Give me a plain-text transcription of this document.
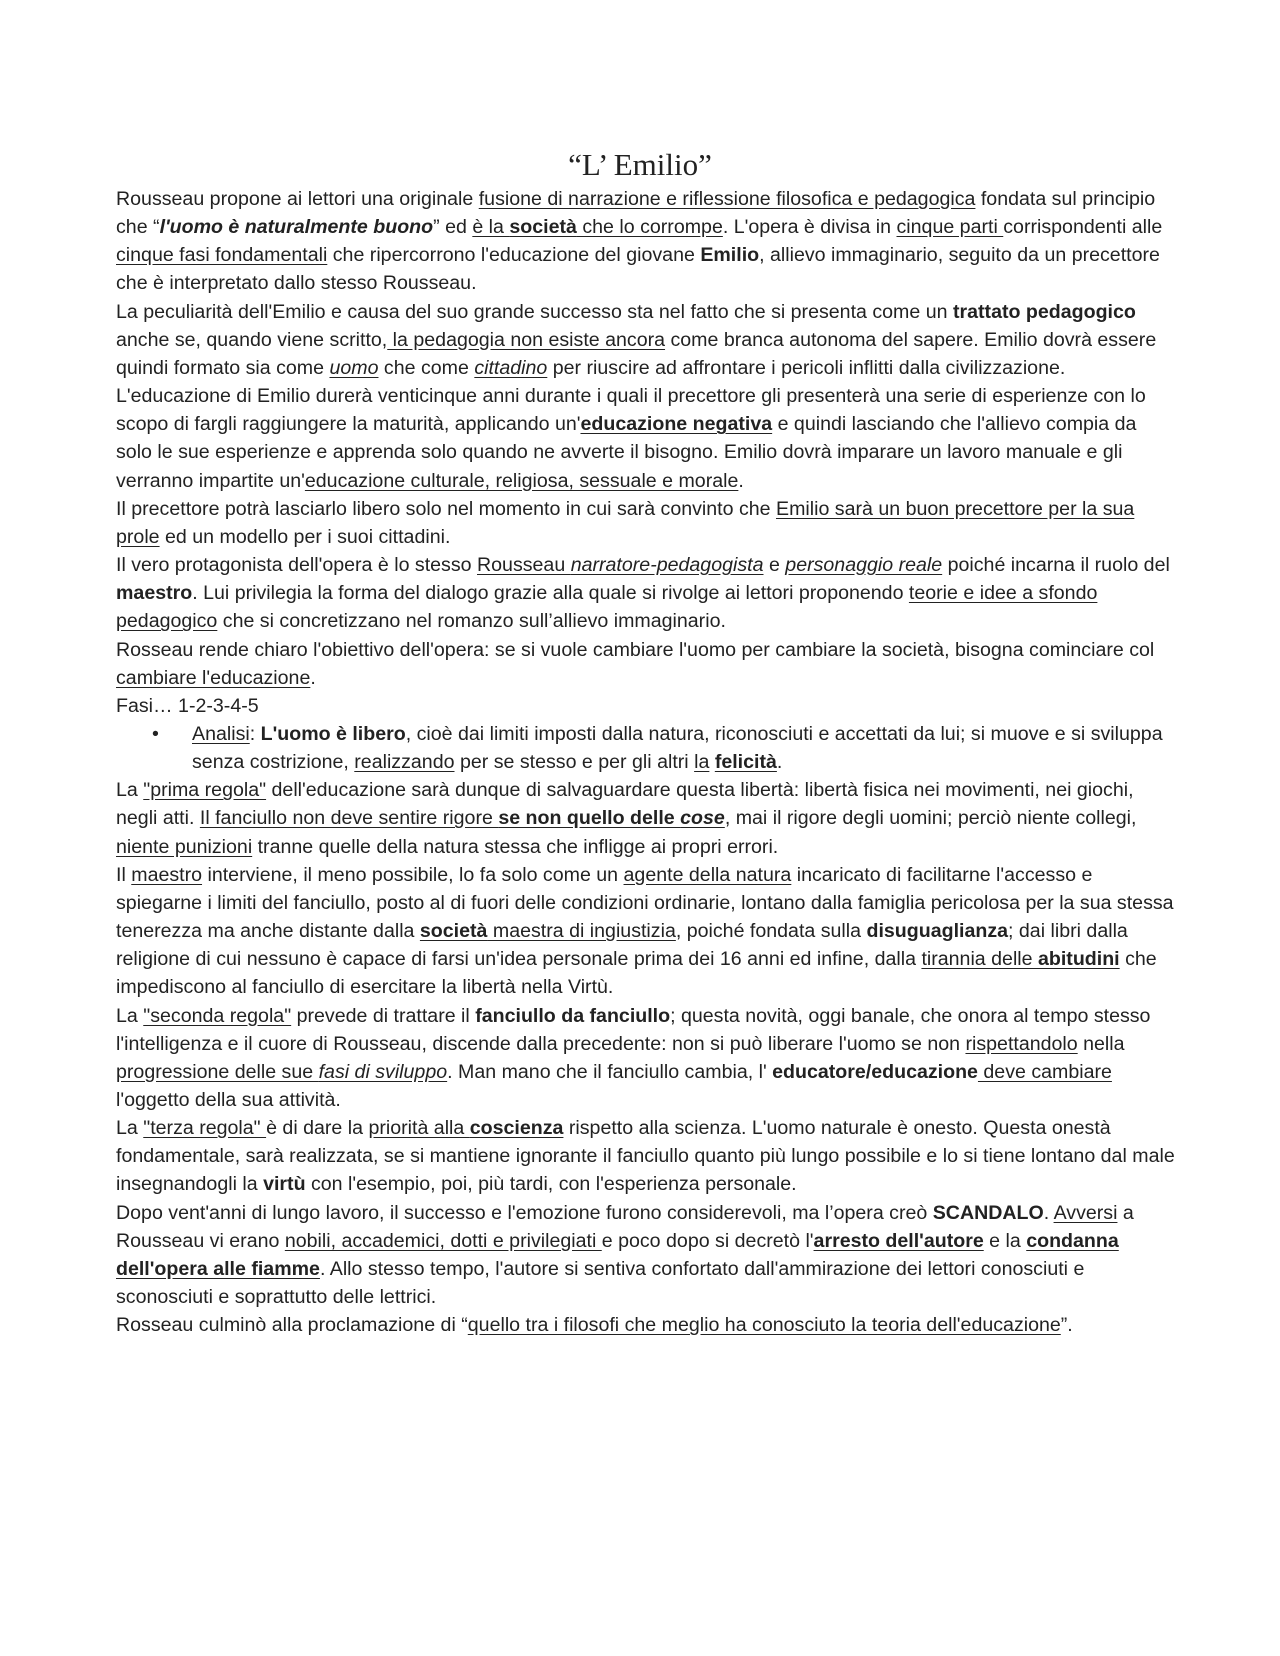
“L’ Emilio”

Rousseau propone ai lettori una originale fusione di narrazione e riflessione filosofica e pedagogica fondata sul principio che “l'uomo è naturalmente buono” ed è la società che lo corrompe. L'opera è divisa in cinque parti corrispondenti alle cinque fasi fondamentali che ripercorrono l'educazione del giovane Emilio, allievo immaginario, seguito da un precettore che è interpretato dallo stesso Rousseau.

La peculiarità dell'Emilio e causa del suo grande successo sta nel fatto che si presenta come un trattato pedagogico anche se, quando viene scritto, la pedagogia non esiste ancora come branca autonoma del sapere. Emilio dovrà essere quindi formato sia come uomo che come cittadino per riuscire ad affrontare i pericoli inflitti dalla civilizzazione. L'educazione di Emilio durerà venticinque anni durante i quali il precettore gli presenterà una serie di esperienze con lo scopo di fargli raggiungere la maturità, applicando un'educazione negativa e quindi lasciando che l'allievo compia da solo le sue esperienze e apprenda solo quando ne avverte il bisogno. Emilio dovrà imparare un lavoro manuale e gli verranno impartite un'educazione culturale, religiosa, sessuale e morale.

Il precettore potrà lasciarlo libero solo nel momento in cui sarà convinto che Emilio sarà un buon precettore per la sua prole ed un modello per i suoi cittadini.

Il vero protagonista dell'opera è lo stesso Rousseau narratore-pedagogista e personaggio reale poiché incarna il ruolo del maestro. Lui privilegia la forma del dialogo grazie alla quale si rivolge ai lettori proponendo teorie e idee a sfondo pedagogico che si concretizzano nel romanzo sull’allievo immaginario.

Rosseau rende chiaro l'obiettivo dell'opera: se si vuole cambiare l'uomo per cambiare la società, bisogna cominciare col cambiare l'educazione.

Fasi… 1-2-3-4-5

• Analisi: L'uomo è libero, cioè dai limiti imposti dalla natura, riconosciuti e accettati da lui; si muove e si sviluppa senza costrizione, realizzando per se stesso e per gli altri la felicità.

La "prima regola" dell'educazione sarà dunque di salvaguardare questa libertà: libertà fisica nei movimenti, nei giochi, negli atti. Il fanciullo non deve sentire rigore se non quello delle cose, mai il rigore degli uomini; perciò niente collegi, niente punizioni tranne quelle della natura stessa che infligge ai propri errori.

Il maestro interviene, il meno possibile, lo fa solo come un agente della natura incaricato di facilitarne l'accesso e spiegarne i limiti del fanciullo, posto al di fuori delle condizioni ordinarie, lontano dalla famiglia pericolosa per la sua stessa tenerezza ma anche distante dalla società maestra di ingiustizia, poiché fondata sulla disuguaglianza; dai libri dalla religione di cui nessuno è capace di farsi un'idea personale prima dei 16 anni ed infine, dalla tirannia delle abitudini che impediscono al fanciullo di esercitare la libertà nella Virtù.

La "seconda regola" prevede di trattare il fanciullo da fanciullo; questa novità, oggi banale, che onora al tempo stesso l'intelligenza e il cuore di Rousseau, discende dalla precedente: non si può liberare l'uomo se non rispettandolo nella progressione delle sue fasi di sviluppo. Man mano che il fanciullo cambia, l' educatore/educazione deve cambiare l'oggetto della sua attività.

La "terza regola" è di dare la priorità alla coscienza rispetto alla scienza. L'uomo naturale è onesto. Questa onestà fondamentale, sarà realizzata, se si mantiene ignorante il fanciullo quanto più lungo possibile e lo si tiene lontano dal male insegnandogli la virtù con l'esempio, poi, più tardi, con l'esperienza personale.

Dopo vent'anni di lungo lavoro, il successo e l'emozione furono considerevoli, ma l’opera creò SCANDALO. Avversi a Rousseau vi erano nobili, accademici, dotti e privilegiati e poco dopo si decretò l'arresto dell'autore e la condanna dell'opera alle fiamme. Allo stesso tempo, l'autore si sentiva confortato dall'ammirazione dei lettori conosciuti e sconosciuti e soprattutto delle lettrici.

Rosseau culminò alla proclamazione di “quello tra i filosofi che meglio ha conosciuto la teoria dell'educazione”.
